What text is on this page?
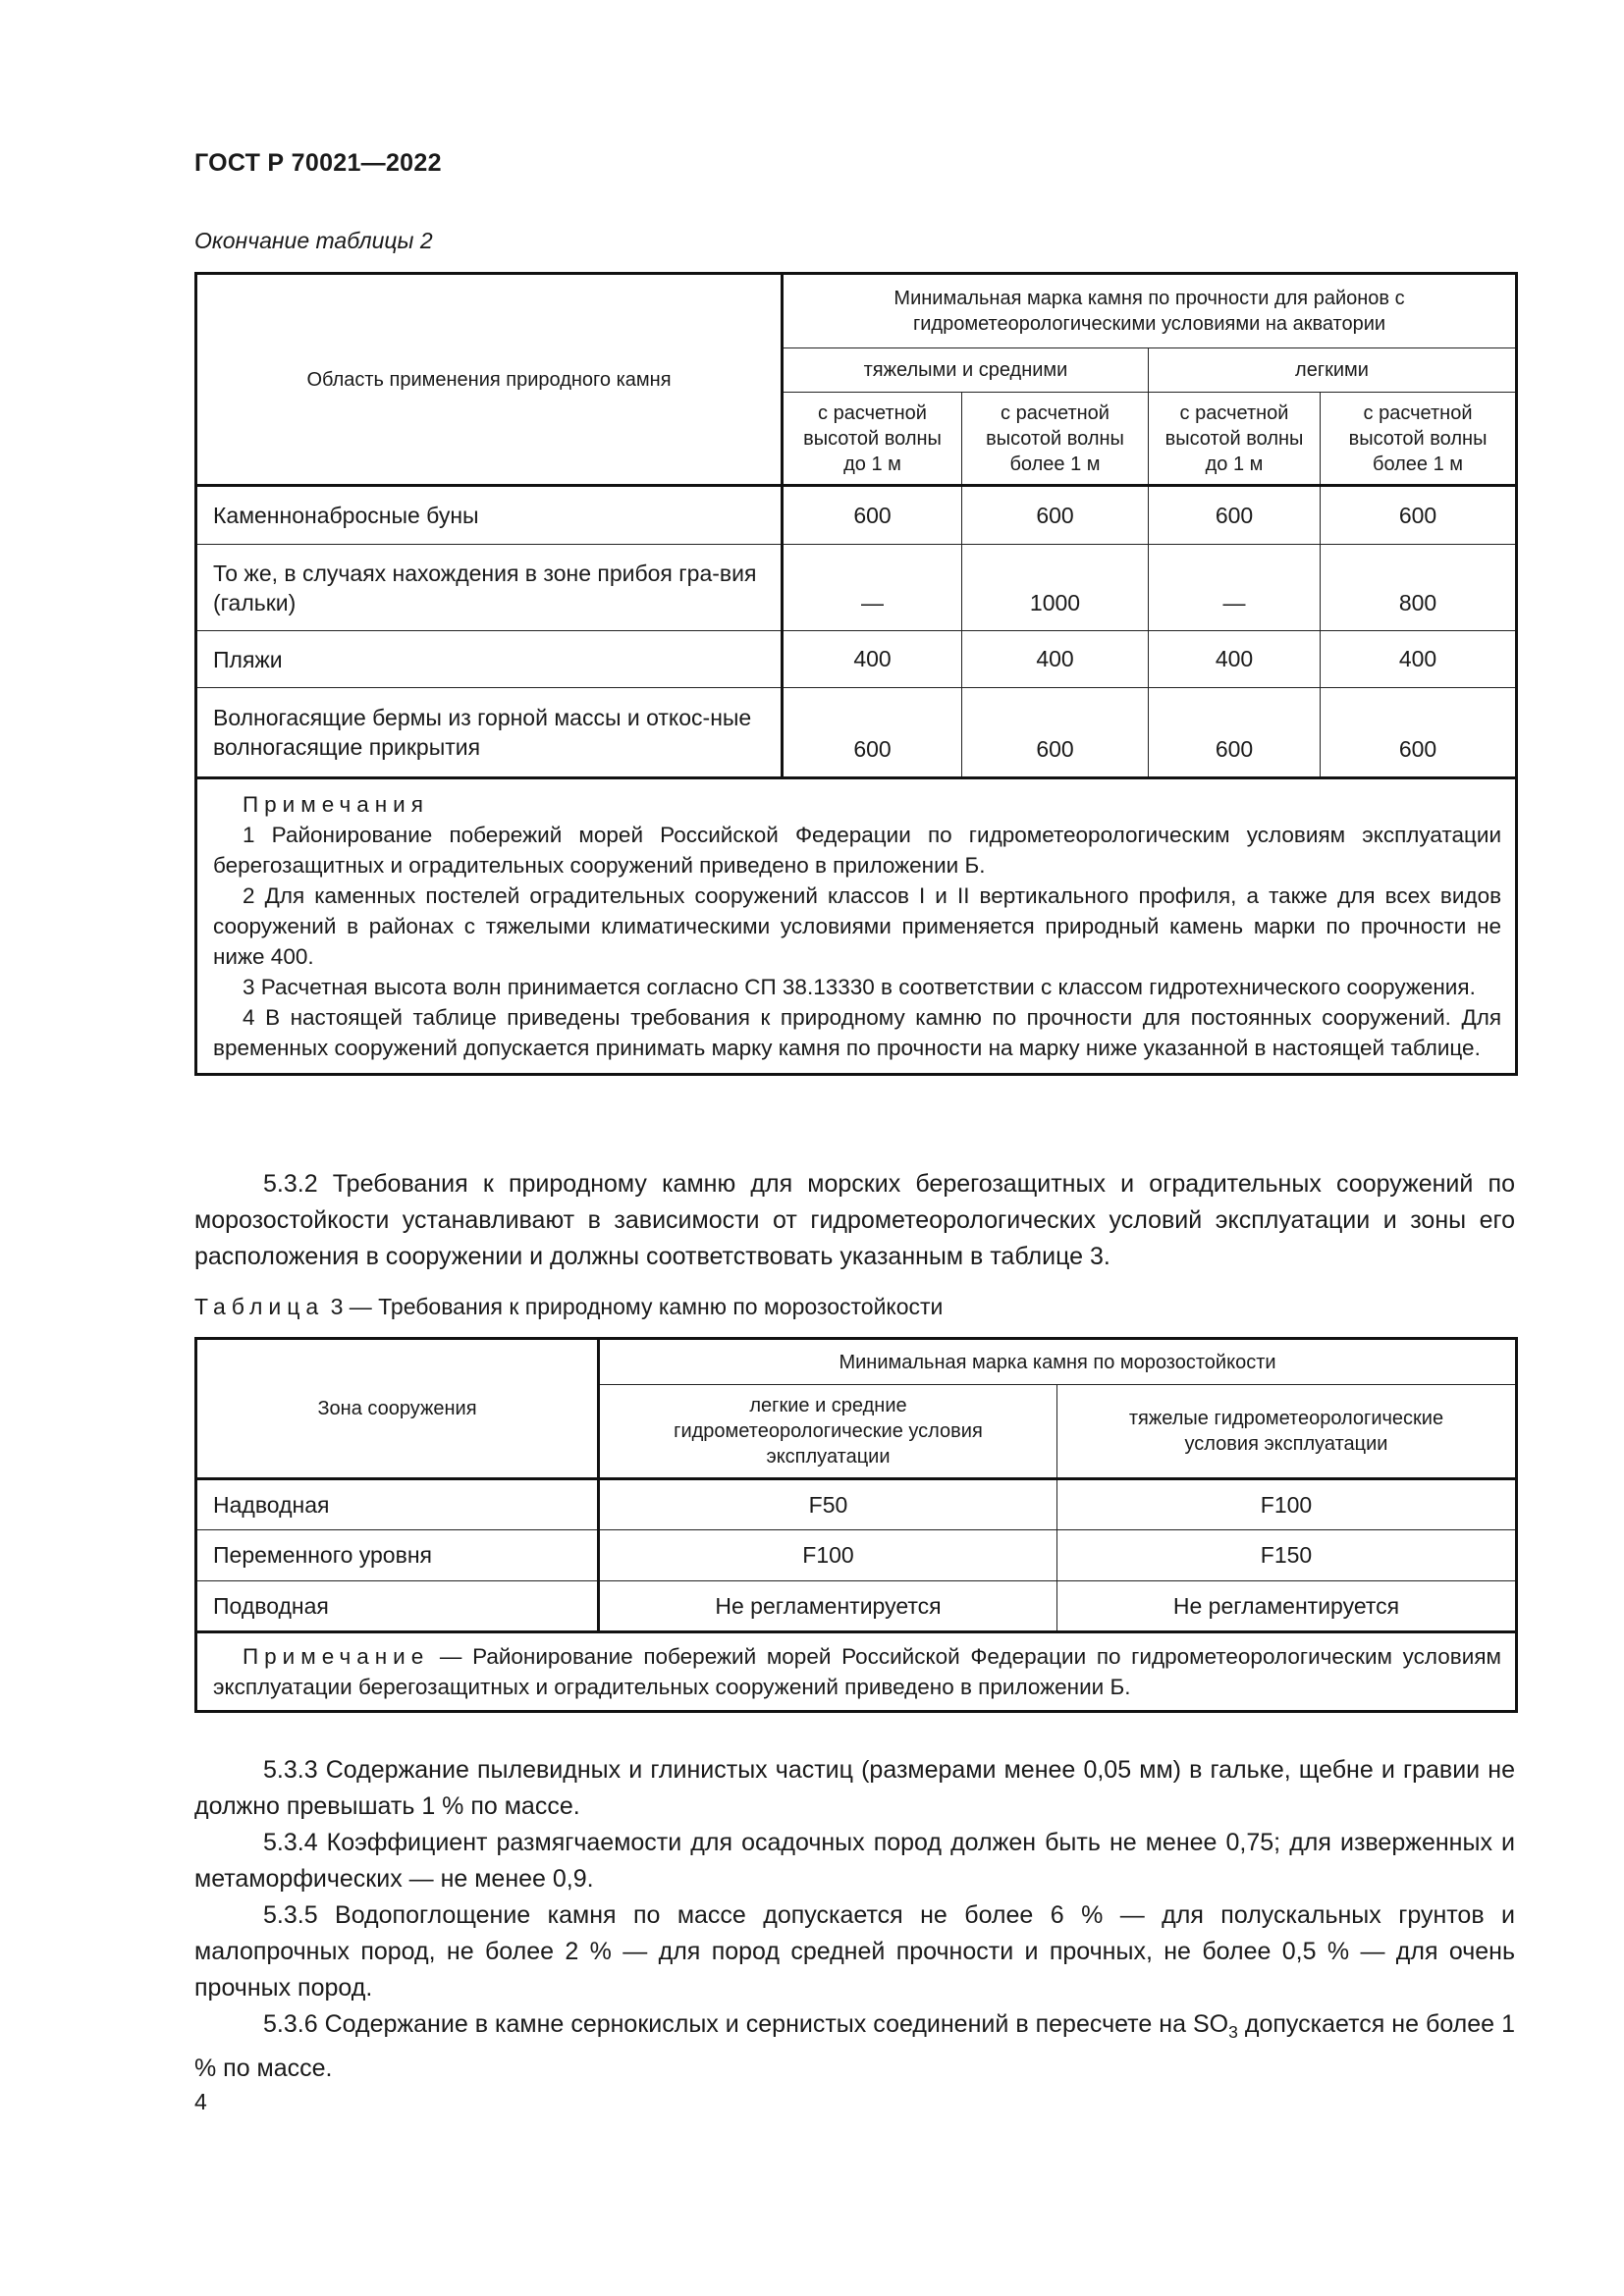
ГОСТ Р 70021—2022
Окончание таблицы 2
Область применения природного камня	Минимальная марка камня по прочности для районов с гидрометеорологическими условиями на акватории			
	тяжелыми и средними		легкими	
	с расчетной высотой волны до 1 м	с расчетной высотой волны более 1 м	с расчетной высотой волны до 1 м	с расчетной высотой волны более 1 м
Каменнонабросные буны	600	600	600	600
То же, в случаях нахождения в зоне прибоя гра-вия (гальки)	—	1000	—	800
Пляжи	400	400	400	400
Волногасящие бермы из горной массы и откос-ные волногасящие прикрытия	600	600	600	600

Примечания

1 Районирование побережий морей Российской Федерации по гидрометеорологическим условиям эксплуатации берегозащитных и оградительных сооружений приведено в приложении Б.

2 Для каменных постелей оградительных сооружений классов I и II вертикального профиля, а также для всех видов сооружений в районах с тяжелыми климатическими условиями применяется природный камень марки по прочности не ниже 400.

3 Расчетная высота волн принимается согласно СП 38.13330 в соответствии с классом гидротехнического сооружения.

4 В настоящей таблице приведены требования к природному камню по прочности для постоянных сооружений. Для временных сооружений допускается принимать марку камня по прочности на марку ниже указанной в настоящей таблице.				

5.3.2 Требования к природному камню для морских берегозащитных и оградительных сооружений по морозостойкости устанавливают в зависимости от гидрометеорологических условий эксплуатации и зоны его расположения в сооружении и должны соответствовать указанным в таблице 3.

Таблица 3 — Требования к природному камню по морозостойкости
Зона сооружения	Минимальная марка камня по морозостойкости	
	легкие и средние гидрометеорологические условия эксплуатации	тяжелые гидрометеорологические условия эксплуатации
Надводная	F50	F100
Переменного уровня	F100	F150
Подводная	Не регламентируется	Не регламентируется

Примечание — Районирование побережий морей Российской Федерации по гидрометеорологическим условиям эксплуатации берегозащитных и оградительных сооружений приведено в приложении Б.		

5.3.3 Содержание пылевидных и глинистых частиц (размерами менее 0,05 мм) в гальке, щебне и гравии не должно превышать 1 % по массе.

5.3.4 Коэффициент размягчаемости для осадочных пород должен быть не менее 0,75; для изверженных и метаморфических — не менее 0,9.

5.3.5 Водопоглощение камня по массе допускается не более 6 % — для полускальных грунтов и малопрочных пород, не более 2 % — для пород средней прочности и прочных, не более 0,5 % — для очень прочных пород.

5.3.6 Содержание в камне сернокислых и сернистых соединений в пересчете на $SO_3$ допускается не более 1 % по массе.

4
